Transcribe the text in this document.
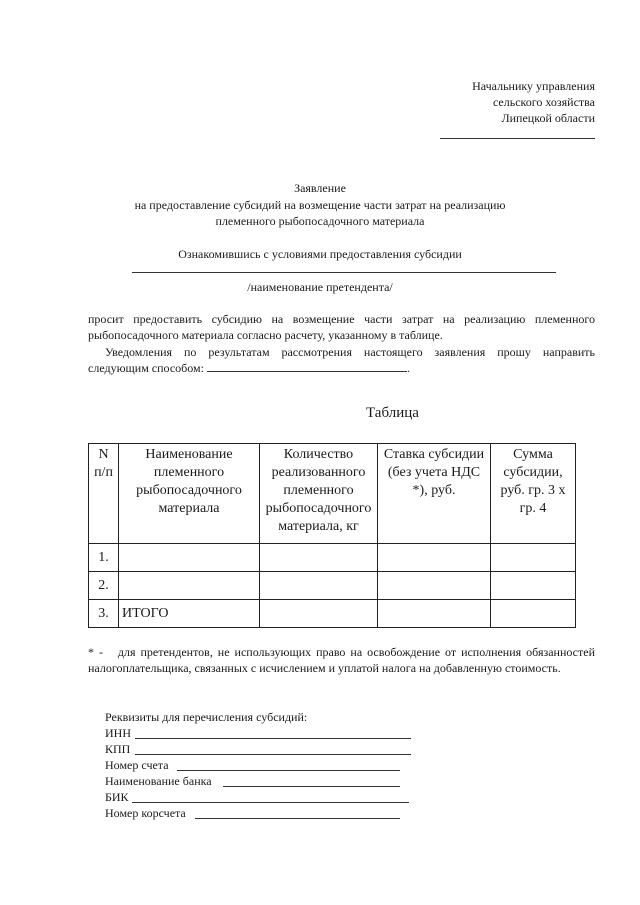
Начальнику управления
сельского хозяйства
Липецкой области
Заявление
на предоставление субсидий на возмещение части затрат на реализацию
племенного рыбопосадочного материала
Ознакомившись с условиями предоставления субсидии
/наименование претендента/
просит предоставить субсидию на возмещение части затрат на реализацию племенного рыбопосадочного материала согласно расчету, указанному в таблице.
Уведомления по результатам рассмотрения настоящего заявления прошу направить следующим способом:	.
Таблица
N п/п	Наименование племенного рыбопосадочного материала	Количество реализованного племенного рыбопосадочного материала, кг	Ставка субсидии (без учета НДС *), руб.	Сумма субсидии, руб. гр. 3 x гр. 4
1.				
2.				
3.	ИТОГО			
* - для претендентов, не использующих право на освобождение от исполнения обязанностей налогоплательщика, связанных с исчислением и уплатой налога на добавленную стоимость.
Реквизиты для перечисления субсидий:
ИНН
КПП
Номер счета
Наименование банка
БИК
Номер корсчета
